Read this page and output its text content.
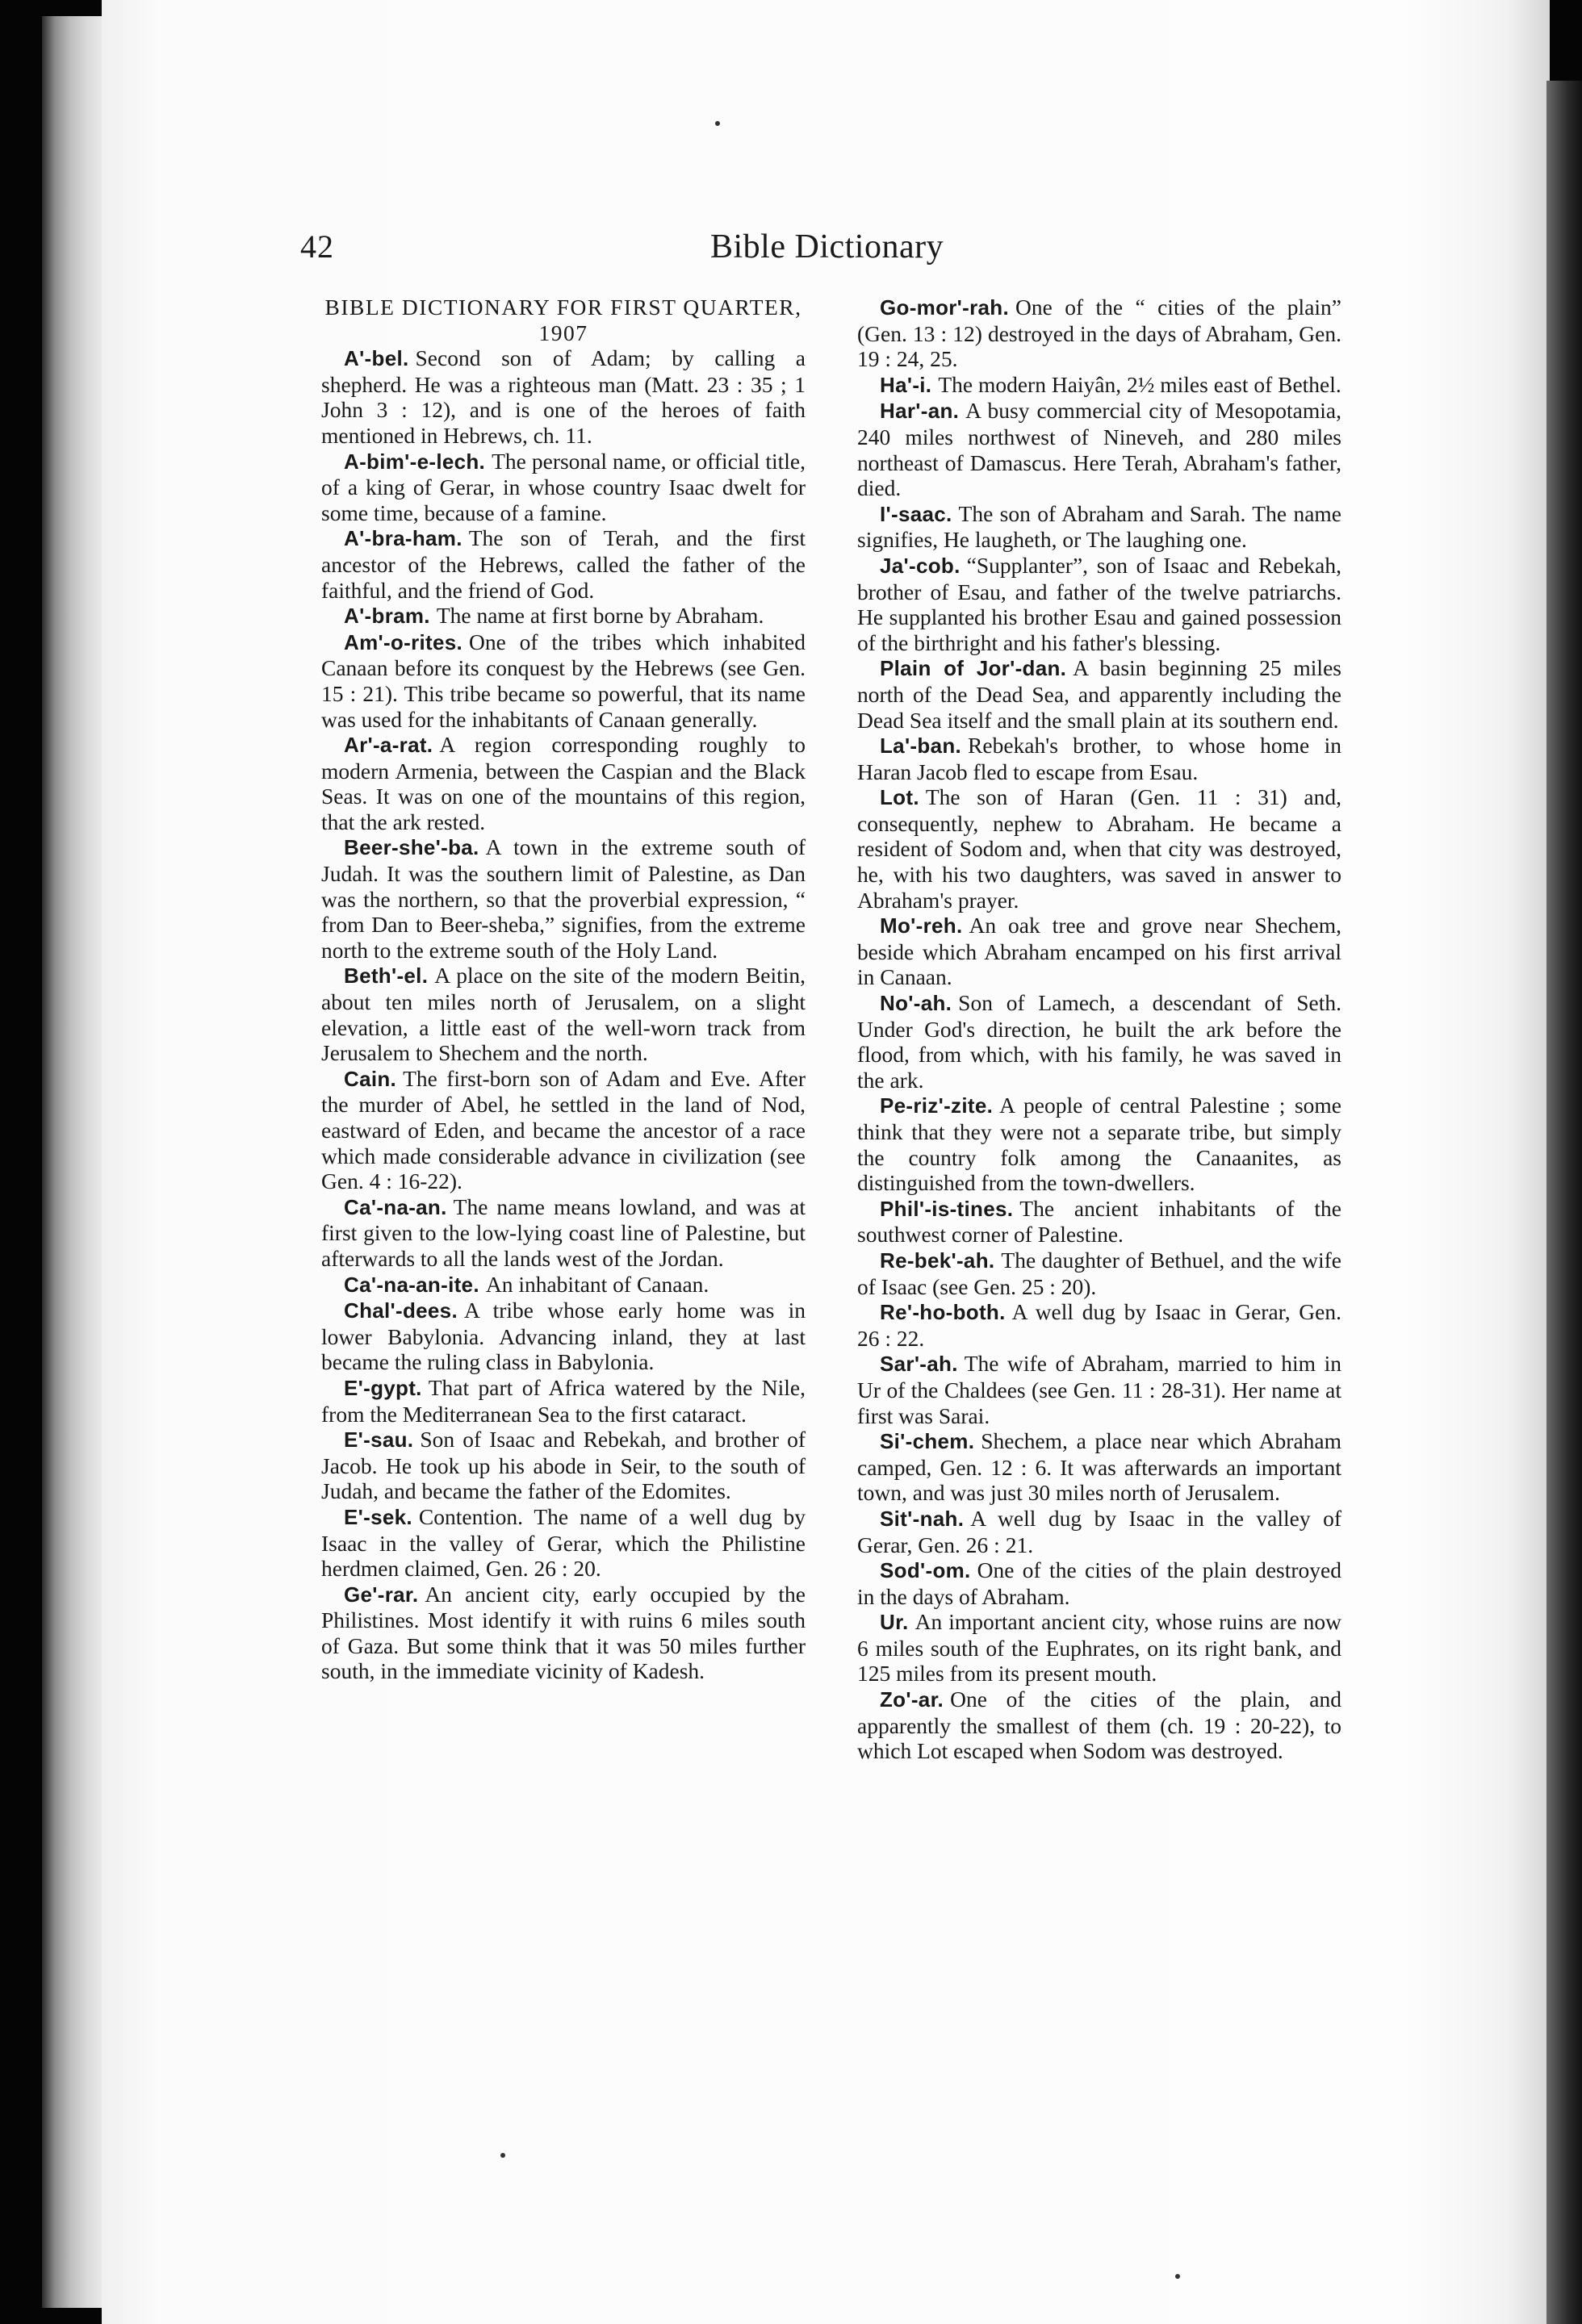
42	Bible Dictionary

BIBLE DICTIONARY FOR FIRST QUARTER, 1907

A'-bel. Second son of Adam; by calling a shepherd. He was a righteous man (Matt. 23 : 35 ; 1 John 3 : 12), and is one of the heroes of faith mentioned in Hebrews, ch. 11.

A-bim'-e-lech. The personal name, or official title, of a king of Gerar, in whose country Isaac dwelt for some time, because of a famine.

A'-bra-ham. The son of Terah, and the first ancestor of the Hebrews, called the father of the faithful, and the friend of God.

A'-bram. The name at first borne by Abraham.

Am'-o-rites. One of the tribes which inhabited Canaan before its conquest by the Hebrews (see Gen. 15 : 21). This tribe became so powerful, that its name was used for the inhabitants of Canaan generally.

Ar'-a-rat. A region corresponding roughly to modern Armenia, between the Caspian and the Black Seas. It was on one of the mountains of this region, that the ark rested.

Beer-she'-ba. A town in the extreme south of Judah. It was the southern limit of Palestine, as Dan was the northern, so that the proverbial expression, “ from Dan to Beer-sheba,” signifies, from the extreme north to the extreme south of the Holy Land.

Beth'-el. A place on the site of the modern Beitin, about ten miles north of Jerusalem, on a slight elevation, a little east of the well-worn track from Jerusalem to Shechem and the north.

Cain. The first-born son of Adam and Eve. After the murder of Abel, he settled in the land of Nod, eastward of Eden, and became the ancestor of a race which made considerable advance in civilization (see Gen. 4 : 16-22).

Ca'-na-an. The name means lowland, and was at first given to the low-lying coast line of Palestine, but afterwards to all the lands west of the Jordan.

Ca'-na-an-ite. An inhabitant of Canaan.

Chal'-dees. A tribe whose early home was in lower Babylonia. Advancing inland, they at last became the ruling class in Babylonia.

E'-gypt. That part of Africa watered by the Nile, from the Mediterranean Sea to the first cataract.

E'-sau. Son of Isaac and Rebekah, and brother of Jacob. He took up his abode in Seir, to the south of Judah, and became the father of the Edomites.

E'-sek. Contention. The name of a well dug by Isaac in the valley of Gerar, which the Philistine herdmen claimed, Gen. 26 : 20.

Ge'-rar. An ancient city, early occupied by the Philistines. Most identify it with ruins 6 miles south of Gaza. But some think that it was 50 miles further south, in the immediate vicinity of Kadesh.

Go-mor'-rah. One of the “ cities of the plain” (Gen. 13 : 12) destroyed in the days of Abraham, Gen. 19 : 24, 25.

Ha'-i. The modern Haiyân, 2½ miles east of Bethel.

Har'-an. A busy commercial city of Mesopotamia, 240 miles northwest of Nineveh, and 280 miles northeast of Damascus. Here Terah, Abraham's father, died.

I'-saac. The son of Abraham and Sarah. The name signifies, He laugheth, or The laughing one.

Ja'-cob. “Supplanter”, son of Isaac and Rebekah, brother of Esau, and father of the twelve patriarchs. He supplanted his brother Esau and gained possession of the birthright and his father's blessing.

Plain of Jor'-dan. A basin beginning 25 miles north of the Dead Sea, and apparently including the Dead Sea itself and the small plain at its southern end.

La'-ban. Rebekah's brother, to whose home in Haran Jacob fled to escape from Esau.

Lot. The son of Haran (Gen. 11 : 31) and, consequently, nephew to Abraham. He became a resident of Sodom and, when that city was destroyed, he, with his two daughters, was saved in answer to Abraham's prayer.

Mo'-reh. An oak tree and grove near Shechem, beside which Abraham encamped on his first arrival in Canaan.

No'-ah. Son of Lamech, a descendant of Seth. Under God's direction, he built the ark before the flood, from which, with his family, he was saved in the ark.

Pe-riz'-zite. A people of central Palestine ; some think that they were not a separate tribe, but simply the country folk among the Canaanites, as distinguished from the town-dwellers.

Phil'-is-tines. The ancient inhabitants of the southwest corner of Palestine.

Re-bek'-ah. The daughter of Bethuel, and the wife of Isaac (see Gen. 25 : 20).

Re'-ho-both. A well dug by Isaac in Gerar, Gen. 26 : 22.

Sar'-ah. The wife of Abraham, married to him in Ur of the Chaldees (see Gen. 11 : 28-31). Her name at first was Sarai.

Si'-chem. Shechem, a place near which Abraham camped, Gen. 12 : 6. It was afterwards an important town, and was just 30 miles north of Jerusalem.

Sit'-nah. A well dug by Isaac in the valley of Gerar, Gen. 26 : 21.

Sod'-om. One of the cities of the plain destroyed in the days of Abraham.

Ur. An important ancient city, whose ruins are now 6 miles south of the Euphrates, on its right bank, and 125 miles from its present mouth.

Zo'-ar. One of the cities of the plain, and apparently the smallest of them (ch. 19 : 20-22), to which Lot escaped when Sodom was destroyed.
